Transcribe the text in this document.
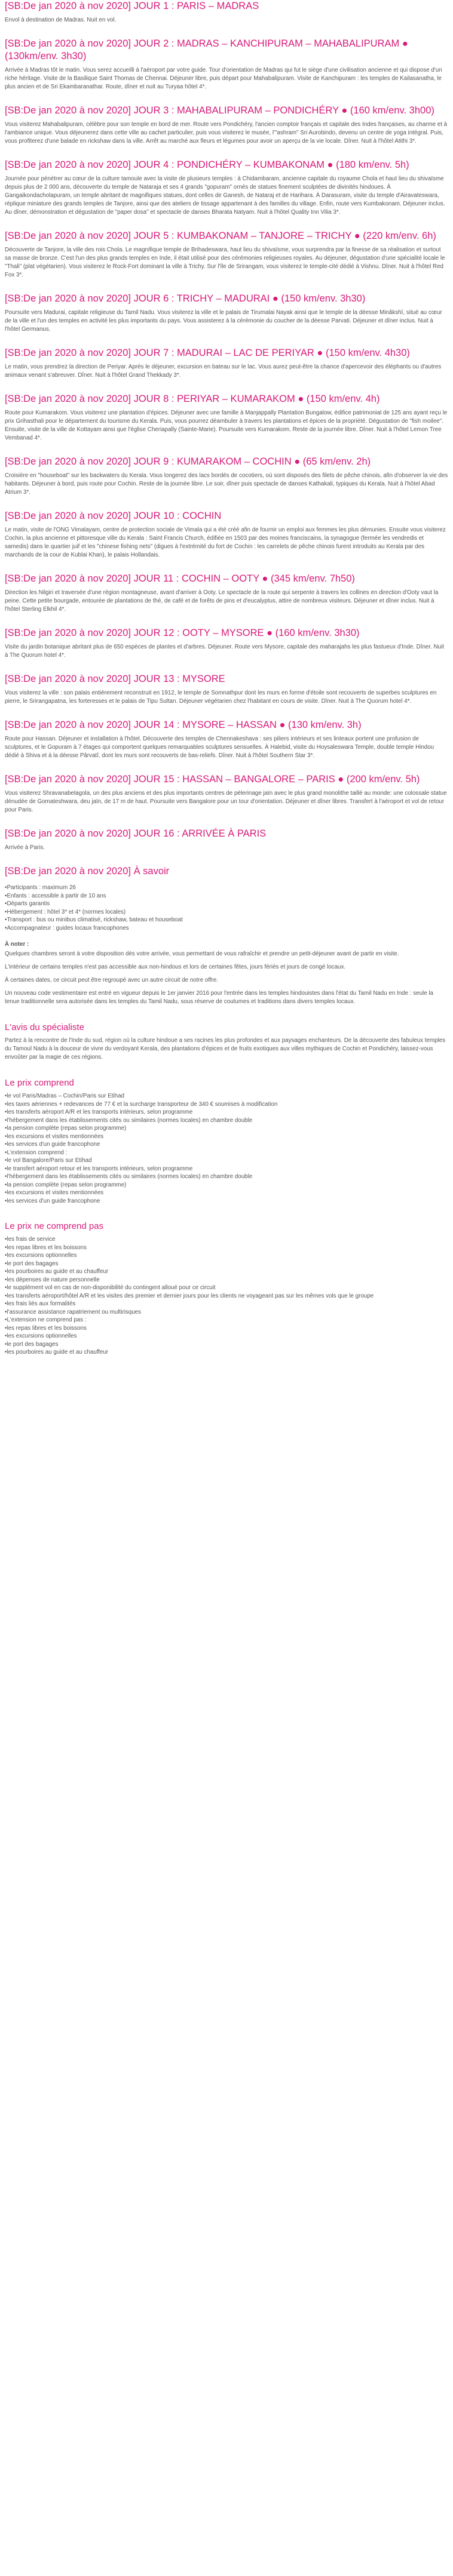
[SB:De jan 2020 à nov 2020] JOUR 1 : PARIS – MADRAS

Envol à destination de Madras. Nuit en vol.

[SB:De jan 2020 à nov 2020] JOUR 2 : MADRAS – KANCHIPURAM – MAHABALIPURAM ● (130km/env. 3h30)

Arrivée à Madras tôt le matin. Vous serez accueilli à l'aéroport par votre guide. Tour d'orientation de Madras qui fut le siège d'une civilisation ancienne et qui dispose d'un riche héritage. Visite de la Basilique Saint Thomas de Chennai. Déjeuner libre, puis départ pour Mahabalipuram. Visite de Kanchipuram : les temples de Kailasanatha, le plus ancien et de Sri Ekambaranathar. Route, dîner et nuit au Turyaa hôtel 4*.

[SB:De jan 2020 à nov 2020] JOUR 3 : MAHABALIPURAM – PONDICHÉRY ● (160 km/env. 3h00)

Vous visiterez Mahabalipuram, célèbre pour son temple en bord de mer. Route vers Pondichéry, l'ancien comptoir français et capitale des Indes françaises, au charme et à l'ambiance unique. Vous déjeunerez dans cette ville au cachet particulier, puis vous visiterez le musée, l'"ashram" Sri Aurobindo, devenu un centre de yoga intégral. Puis, vous profiterez d'une balade en rickshaw dans la ville. Arrêt au marché aux fleurs et légumes pour avoir un aperçu de la vie locale. Dîner. Nuit à l'hôtel Atithi 3*.

[SB:De jan 2020 à nov 2020] JOUR 4 : PONDICHÉRY – KUMBAKONAM ● (180 km/env. 5h)

Journée pour pénétrer au cœur de la culture tamoule avec la visite de plusieurs temples : à Chidambaram, ancienne capitale du royaume Chola et haut lieu du shivaïsme depuis plus de 2 000 ans, découverte du temple de Nataraja et ses 4 grands "gopuram" ornés de statues finement sculptées de divinités hindoues. À Gangaikondacholapuram, un temple abritant de magnifiques statues, dont celles de Ganesh, de Nataraj et de Harihara. À Darasuram, visite du temple d'Airavateswara, réplique miniature des grands temples de Tanjore, ainsi que des ateliers de tissage appartenant à des familles du village. Enfin, route vers Kumbakonam. Déjeuner inclus. Au dîner, démonstration et dégustation de "paper dosa" et spectacle de danses Bharata Natyam. Nuit à l'hôtel Quality Inn Vilia 3*.

[SB:De jan 2020 à nov 2020] JOUR 5 : KUMBAKONAM – TANJORE – TRICHY ● (220 km/env. 6h)

Découverte de Tanjore, la ville des rois Chola. Le magnifique temple de Brihadeswara, haut lieu du shivaïsme, vous surprendra par la finesse de sa réalisation et surtout sa masse de bronze. C'est l'un des plus grands temples en Inde, il était utilisé pour des cérémonies religieuses royales. Au déjeuner, dégustation d'une spécialité locale le "Thali" (plat végétarien). Vous visiterez le Rock-Fort dominant la ville à Trichy. Sur l'île de Srirangam, vous visiterez le temple-cité dédié à Vishnu. Dîner. Nuit à l'hôtel Red Fox 3*.

[SB:De jan 2020 à nov 2020] JOUR 6 : TRICHY – MADURAI ● (150 km/env. 3h30)

Poursuite vers Madurai, capitale religieuse du Tamil Nadu. Vous visiterez la ville et le palais de Tirumalai Nayak ainsi que le temple de la déesse Minâkshî, situé au cœur de la ville et l'un des temples en activité les plus importants du pays. Vous assisterez à la cérémonie du coucher de la déesse Parvati. Déjeuner et dîner inclus. Nuit à l'hôtel Germanus.

[SB:De jan 2020 à nov 2020] JOUR 7 : MADURAI – LAC DE PERIYAR ● (150 km/env. 4h30)

Le matin, vous prendrez la direction de Periyar. Après le déjeuner, excursion en bateau sur le lac. Vous aurez peut-être la chance d'apercevoir des éléphants ou d'autres animaux venant s'abreuver. Dîner. Nuit à l'hôtel Grand Thekkady 3*.

[SB:De jan 2020 à nov 2020] JOUR 8 : PERIYAR – KUMARAKOM ● (150 km/env. 4h)

Route pour Kumarakom. Vous visiterez une plantation d'épices. Déjeuner avec une famille à Manjappally Plantation Bungalow, édifice patrimonial de 125 ans ayant reçu le prix Grihasthali pour le département du tourisme du Kerala. Puis, vous pourrez déambuler à travers les plantations et épices de la propriété. Dégustation de "fish moilee". Ensuite, visite de la ville de Kottayam ainsi que l'église Cheriapally (Sainte-Marie). Poursuite vers Kumarakom. Reste de la journée libre. Dîner. Nuit à l'hôtel Lemon Tree Vembanad 4*.

[SB:De jan 2020 à nov 2020] JOUR 9 : KUMARAKOM – COCHIN ● (65 km/env. 2h)

Croisière en "houseboat" sur les backwaters du Kerala. Vous longerez des lacs bordés de cocotiers, où sont disposés des filets de pêche chinois, afin d'observer la vie des habitants. Déjeuner à bord, puis route pour Cochin. Reste de la journée libre. Le soir, dîner puis spectacle de danses Kathakali, typiques du Kerala. Nuit à l'hôtel Abad Atrium 3*.

[SB:De jan 2020 à nov 2020] JOUR 10 : COCHIN

Le matin, visite de l'ONG Vimalayam, centre de protection sociale de Vimala qui a été créé afin de fournir un emploi aux femmes les plus démunies. Ensuite vous visiterez Cochin, la plus ancienne et pittoresque ville du Kerala : Saint Francis Church, édifiée en 1503 par des moines franciscains, la synagogue (fermée les vendredis et samedis) dans le quartier juif et les "chinese fishing nets" (digues à l'extrémité du fort de Cochin : les carrelets de pêche chinois furent introduits au Kerala par des marchands de la cour de Kublai Khan), le palais Hollandais.

[SB:De jan 2020 à nov 2020] JOUR 11 : COCHIN – OOTY ● (345 km/env. 7h50)

Direction les Nilgiri et traversée d'une région montagneuse, avant d'arriver à Ooty. Le spectacle de la route qui serpente à travers les collines en direction d'Ooty vaut la peine. Cette petite bourgade, entourée de plantations de thé, de café et de forêts de pins et d'eucalyptus, attire de nombreux visiteurs. Déjeuner et dîner inclus. Nuit à l'hôtel Sterling Elkhil 4*.

[SB:De jan 2020 à nov 2020] JOUR 12 : OOTY – MYSORE ● (160 km/env. 3h30)

Visite du jardin botanique abritant plus de 650 espèces de plantes et d'arbres. Déjeuner. Route vers Mysore, capitale des maharajahs les plus fastueux d'Inde. Dîner. Nuit à The Quorum hotel 4*.

[SB:De jan 2020 à nov 2020] JOUR 13 : MYSORE

Vous visiterez la ville : son palais entièrement reconstruit en 1912, le temple de Somnathpur dont les murs en forme d'étoile sont recouverts de superbes sculptures en pierre, le Srirangapatna, les forteresses et le palais de Tipu Sultan. Déjeuner végétarien chez l'habitant en cours de visite. Dîner. Nuit à The Quorum hotel 4*.

[SB:De jan 2020 à nov 2020] JOUR 14 : MYSORE – HASSAN ● (130 km/env. 3h)

Route pour Hassan. Déjeuner et installation à l'hôtel. Découverte des temples de Chennakeshava : ses piliers intérieurs et ses linteaux portent une profusion de sculptures, et le Gopuram à 7 étages qui comportent quelques remarquables sculptures sensuelles. À Halebid, visite du Hoysaleswara Temple, double temple Hindou dédié à Shiva et à la déesse Pârvatî, dont les murs sont recouverts de bas-reliefs. Dîner. Nuit à l'hôtel Southern Star 3*.

[SB:De jan 2020 à nov 2020] JOUR 15 : HASSAN – BANGALORE – PARIS ● (200 km/env. 5h)

Vous visiterez Shravanabelagola, un des plus anciens et des plus importants centres de pèlerinage jaïn avec le plus grand monolithe taillé au monde: une colossale statue dénudée de Gomateshwara, deu jaïn, de 17 m de haut. Poursuite vers Bangalore pour un tour d'orientation. Déjeuner et dîner libres. Transfert à l'aéroport et vol de retour pour Paris.

[SB:De jan 2020 à nov 2020] JOUR 16 : ARRIVÉE À PARIS

Arrivée à Paris.

[SB:De jan 2020 à nov 2020] À savoir
• Participants : maximum 26
• Enfants : accessible à partir de 10 ans
• Départs garantis
• Hébergement : hôtel 3* et 4* (normes locales)
• Transport : bus ou minibus climatisé, rickshaw, bateau et houseboat
• Accompagnateur : guides locaux francophones
À noter :

Quelques chambres seront à votre disposition dès votre arrivée, vous permettant de vous rafraîchir et prendre un petit-déjeuner avant de partir en visite.

L'intérieur de certains temples n'est pas accessible aux non-hindous et lors de certaines fêtes, jours fériés et jours de congé locaux.

À certaines dates, ce circuit peut être regroupé avec un autre circuit de notre offre.

Un nouveau code vestimentaire est entré en vigueur depuis le 1er janvier 2016 pour l'entrée dans les temples hindouistes dans l'état du Tamil Nadu en Inde : seule la tenue traditionnelle sera autorisée dans les temples du Tamil Nadu, sous réserve de coutumes et traditions dans divers temples locaux.

L'avis du spécialiste

Partez à la rencontre de l'Inde du sud, région où la culture hindoue a ses racines les plus profondes et aux paysages enchanteurs. De la découverte des fabuleux temples du Tamoul Nadu à la douceur de vivre du verdoyant Kerala, des plantations d'épices et de fruits exotiques aux villes mythiques de Cochin et Pondichéry, laissez-vous envoûter par la magie de ces régions.

Le prix comprend
• le vol Paris/Madras – Cochin/Paris sur Etihad
• les taxes aériennes + redevances de 77 € et la surcharge transporteur de 340 € soumises à modification
• les transferts aéroport A/R et les transports intérieurs, selon programme
• l'hébergement dans les établissements cités ou similaires (normes locales) en chambre double
• la pension complète (repas selon programme)
• les excursions et visites mentionnées
• les services d'un guide francophone
• L'extension comprend :
• le vol Bangalore/Paris sur Etihad
• le transfert aéroport retour et les transports intérieurs, selon programme
• l'hébergement dans les établissements cités ou similaires (normes locales) en chambre double
• la pension complète (repas selon programme)
• les excursions et visites mentionnées
• les services d'un guide francophone
Le prix ne comprend pas
• les frais de service
• les repas libres et les boissons
• les excursions optionnelles
• le port des bagages
• les pourboires au guide et au chauffeur
• les dépenses de nature personnelle
• le supplément vol en cas de non-disponibilité du contingent alloué pour ce circuit
• les transferts aéroport/hôtel A/R et les visites des premier et dernier jours pour les clients ne voyageant pas sur les mêmes vols que le groupe
• les frais liés aux formalités
• l'assurance assistance rapatriement ou multirisques
• L'extension ne comprend pas :
• les repas libres et les boissons
• les excursions optionnelles
• le port des bagages
• les pourboires au guide et au chauffeur
